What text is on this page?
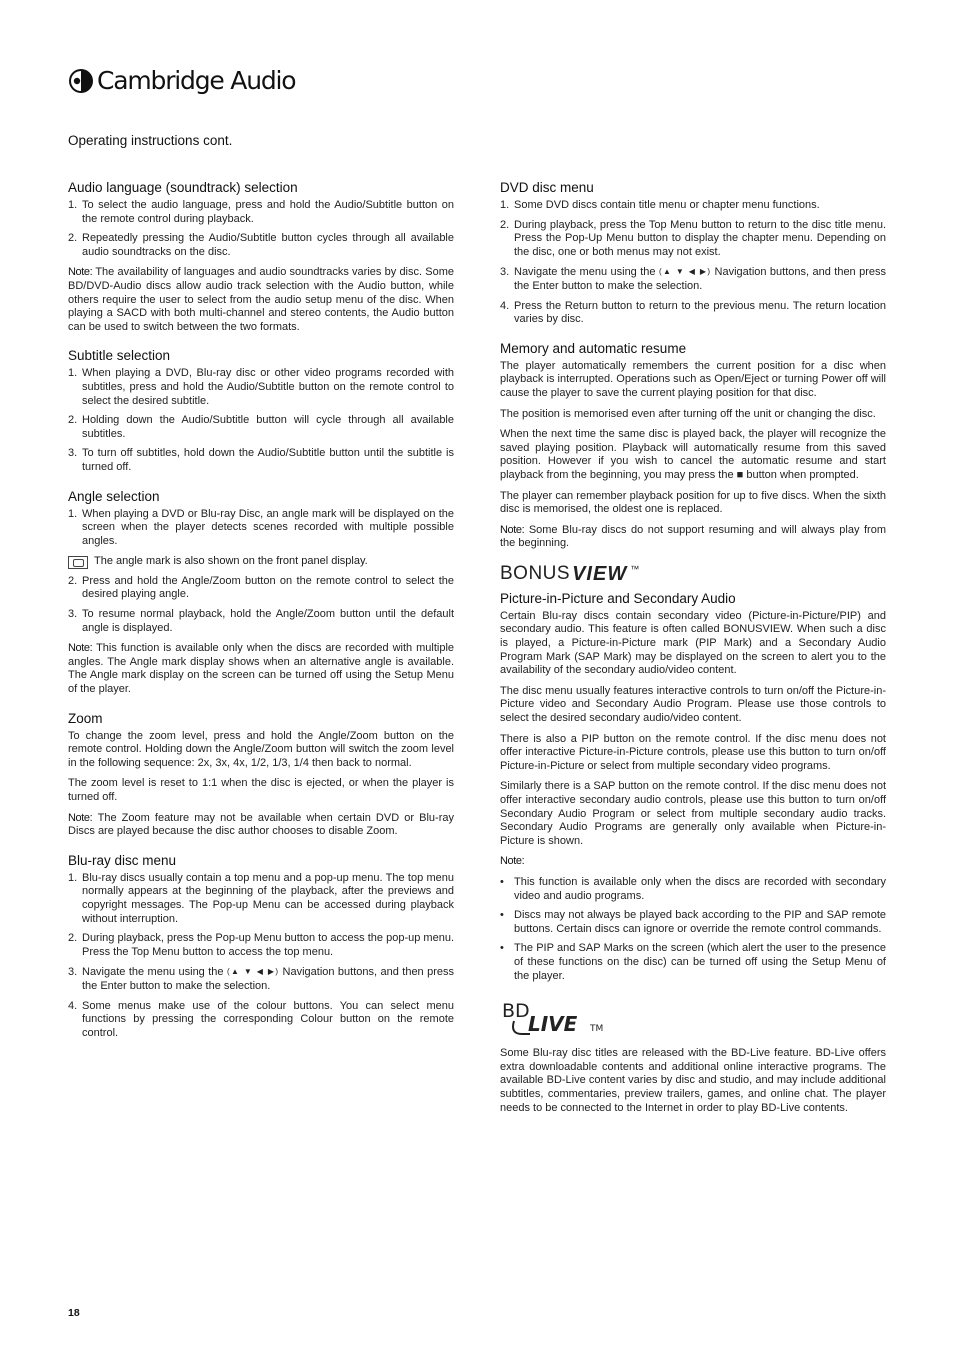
Cambridge Audio
Operating instructions cont.
Audio language (soundtrack) selection
1. To select the audio language, press and hold the Audio/Subtitle button on the remote control during playback.
2. Repeatedly pressing the Audio/Subtitle button cycles through all available audio soundtracks on the disc.

Note: The availability of languages and audio soundtracks varies by disc. Some BD/DVD-Audio discs allow audio track selection with the Audio button, while others require the user to select from the audio setup menu of the disc. When playing a SACD with both multi-channel and stereo contents, the Audio button can be used to switch between the two formats.

Subtitle selection
1. When playing a DVD, Blu-ray disc or other video programs recorded with subtitles, press and hold the Audio/Subtitle button on the remote control to select the desired subtitle.
2. Holding down the Audio/Subtitle button will cycle through all available subtitles.
3. To turn off subtitles, hold down the Audio/Subtitle button until the subtitle is turned off.
Angle selection
1. When playing a DVD or Blu-ray Disc, an angle mark will be displayed on the screen when the player detects scenes recorded with multiple possible angles.
The angle mark is also shown on the front panel display.
2. Press and hold the Angle/Zoom button on the remote control to select the desired playing angle.
3. To resume normal playback, hold the Angle/Zoom button until the default angle is displayed.

Note: This function is available only when the discs are recorded with multiple angles. The Angle mark display shows when an alternative angle is available. The Angle mark display on the screen can be turned off using the Setup Menu of the player.

Zoom

To change the zoom level, press and hold the Angle/Zoom button on the remote control. Holding down the Angle/Zoom button will switch the zoom level in the following sequence: 2x, 3x, 4x, 1/2, 1/3, 1/4 then back to normal.

The zoom level is reset to 1:1 when the disc is ejected, or when the player is turned off.

Note: The Zoom feature may not be available when certain DVD or Blu-ray Discs are played because the disc author chooses to disable Zoom.

Blu-ray disc menu
1. Blu-ray discs usually contain a top menu and a pop-up menu. The top menu normally appears at the beginning of the playback, after the previews and copyright messages. The Pop-up Menu can be accessed during playback without interruption.
2. During playback, press the Pop-up Menu button to access the pop-up menu. Press the Top Menu button to access the top menu.
3. Navigate the menu using the (▲ ▼ ◀ ▶) Navigation buttons, and then press the Enter button to make the selection.
4. Some menus make use of the colour buttons. You can select menu functions by pressing the corresponding Colour button on the remote control.
DVD disc menu
1. Some DVD discs contain title menu or chapter menu functions.
2. During playback, press the Top Menu button to return to the disc title menu. Press the Pop-Up Menu button to display the chapter menu. Depending on the disc, one or both menus may not exist.
3. Navigate the menu using the (▲ ▼ ◀ ▶) Navigation buttons, and then press the Enter button to make the selection.
4. Press the Return button to return to the previous menu. The return location varies by disc.
Memory and automatic resume

The player automatically remembers the current position for a disc when playback is interrupted. Operations such as Open/Eject or turning Power off will cause the player to save the current playing position for that disc.

The position is memorised even after turning off the unit or changing the disc.

When the next time the same disc is played back, the player will recognize the saved playing position. Playback will automatically resume from this saved position. However if you wish to cancel the automatic resume and start playback from the beginning, you may press the ■ button when prompted.

The player can remember playback position for up to five discs. When the sixth disc is memorised, the oldest one is replaced.

Note: Some Blu-ray discs do not support resuming and will always play from the beginning.

BONUS VIEW ™
Picture-in-Picture and Secondary Audio

Certain Blu-ray discs contain secondary video (Picture-in-Picture/PIP) and secondary audio. This feature is often called BONUSVIEW. When such a disc is played, a Picture-in-Picture mark (PIP Mark) and a Secondary Audio Program Mark (SAP Mark) may be displayed on the screen to alert you to the availability of the secondary audio/video content.

The disc menu usually features interactive controls to turn on/off the Picture-in-Picture video and Secondary Audio Program. Please use those controls to select the desired secondary audio/video content.

There is also a PIP button on the remote control. If the disc menu does not offer interactive Picture-in-Picture controls, please use this button to turn on/off Picture-in-Picture or select from multiple secondary video programs.

Similarly there is a SAP button on the remote control. If the disc menu does not offer interactive secondary audio controls, please use this button to turn on/off Secondary Audio Program or select from multiple secondary audio tracks. Secondary Audio Programs are generally only available when Picture-in-Picture is shown.

Note:

• This function is available only when the discs are recorded with secondary video and audio programs.
• Discs may not always be played back according to the PIP and SAP remote buttons. Certain discs can ignore or override the remote control commands.
• The PIP and SAP Marks on the screen (which alert the user to the presence of these functions on the disc) can be turned off using the Setup Menu of the player.
BD
LIVE TM

Some Blu-ray disc titles are released with the BD-Live feature. BD-Live offers extra downloadable contents and additional online interactive programs. The available BD-Live content varies by disc and studio, and may include additional subtitles, commentaries, preview trailers, games, and online chat. The player needs to be connected to the Internet in order to play BD-Live contents.

18
